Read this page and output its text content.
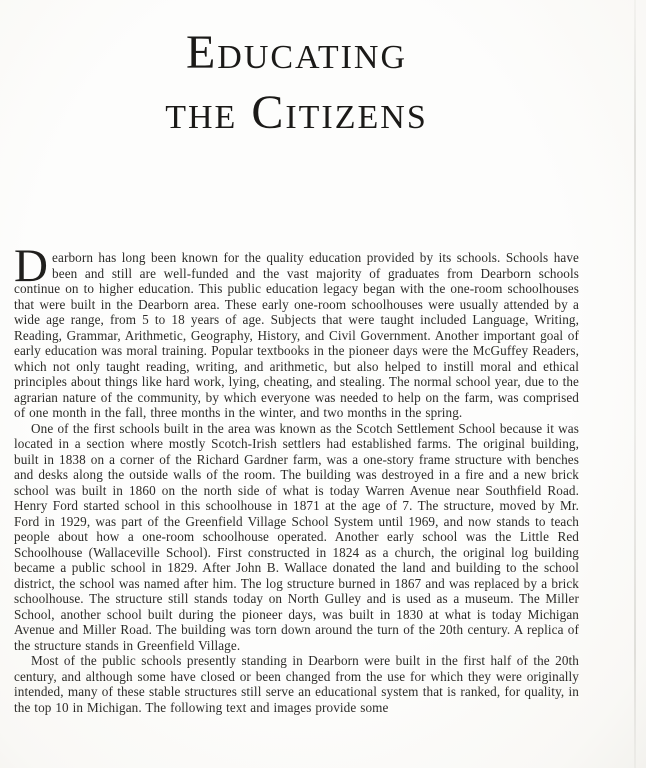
Educating
the Citizens

Dearborn has long been known for the quality education provided by its schools. Schools have been and still are well-funded and the vast majority of graduates from Dearborn schools continue on to higher education. This public education legacy began with the one-room schoolhouses that were built in the Dearborn area. These early one-room schoolhouses were usually attended by a wide age range, from 5 to 18 years of age. Subjects that were taught included Language, Writing, Reading, Grammar, Arithmetic, Geography, History, and Civil Government. Another important goal of early education was moral training. Popular textbooks in the pioneer days were the McGuffey Readers, which not only taught reading, writing, and arithmetic, but also helped to instill moral and ethical principles about things like hard work, lying, cheating, and stealing. The normal school year, due to the agrarian nature of the community, by which everyone was needed to help on the farm, was comprised of one month in the fall, three months in the winter, and two months in the spring.

One of the first schools built in the area was known as the Scotch Settlement School because it was located in a section where mostly Scotch-Irish settlers had established farms. The original building, built in 1838 on a corner of the Richard Gardner farm, was a one-story frame structure with benches and desks along the outside walls of the room. The building was destroyed in a fire and a new brick school was built in 1860 on the north side of what is today Warren Avenue near Southfield Road. Henry Ford started school in this schoolhouse in 1871 at the age of 7. The structure, moved by Mr. Ford in 1929, was part of the Greenfield Village School System until 1969, and now stands to teach people about how a one-room schoolhouse operated. Another early school was the Little Red Schoolhouse (Wallaceville School). First constructed in 1824 as a church, the original log building became a public school in 1829. After John B. Wallace donated the land and building to the school district, the school was named after him. The log structure burned in 1867 and was replaced by a brick schoolhouse. The structure still stands today on North Gulley and is used as a museum. The Miller School, another school built during the pioneer days, was built in 1830 at what is today Michigan Avenue and Miller Road. The building was torn down around the turn of the 20th century. A replica of the structure stands in Greenfield Village.

Most of the public schools presently standing in Dearborn were built in the first half of the 20th century, and although some have closed or been changed from the use for which they were originally intended, many of these stable structures still serve an educational system that is ranked, for quality, in the top 10 in Michigan. The following text and images provide some
